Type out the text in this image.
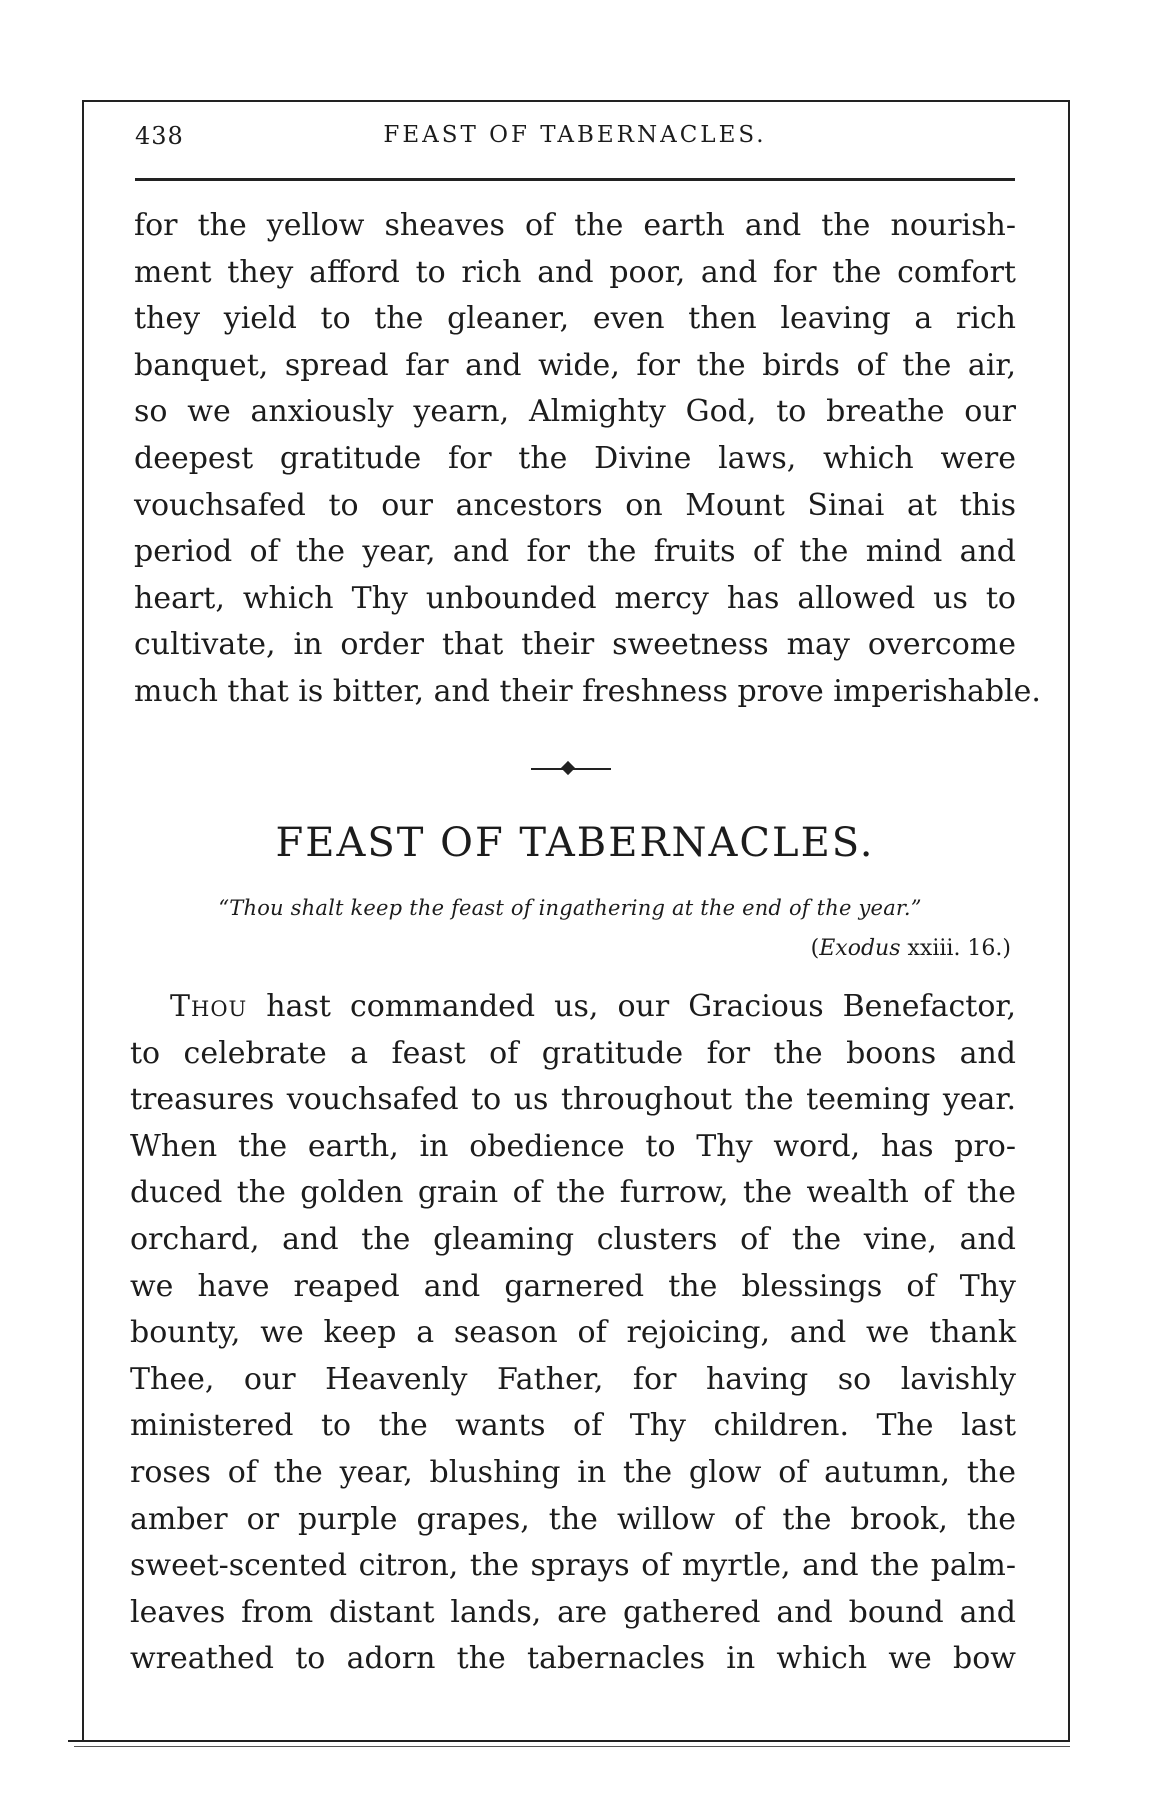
438	FEAST OF TABERNACLES.
for the yellow sheaves of the earth and the nourish-
ment they afford to rich and poor, and for the comfort
they yield to the gleaner, even then leaving a rich
banquet, spread far and wide, for the birds of the air,
so we anxiously yearn, Almighty God, to breathe our
deepest gratitude for the Divine laws, which were
vouchsafed to our ancestors on Mount Sinai at this
period of the year, and for the fruits of the mind and
heart, which Thy unbounded mercy has allowed us to
cultivate, in order that their sweetness may overcome
much that is bitter, and their freshness prove imperishable.
FEAST OF TABERNACLES.
“Thou shalt keep the feast of ingathering at the end of the year.”
(Exodus xxiii. 16.)
Thou hast commanded us, our Gracious Benefactor,
to celebrate a feast of gratitude for the boons and
treasures vouchsafed to us throughout the teeming year.
When the earth, in obedience to Thy word, has pro-
duced the golden grain of the furrow, the wealth of the
orchard, and the gleaming clusters of the vine, and
we have reaped and garnered the blessings of Thy
bounty, we keep a season of rejoicing, and we thank
Thee, our Heavenly Father, for having so lavishly
ministered to the wants of Thy children. The last
roses of the year, blushing in the glow of autumn, the
amber or purple grapes, the willow of the brook, the
sweet-scented citron, the sprays of myrtle, and the palm-
leaves from distant lands, are gathered and bound and
wreathed to adorn the tabernacles in which we bow
